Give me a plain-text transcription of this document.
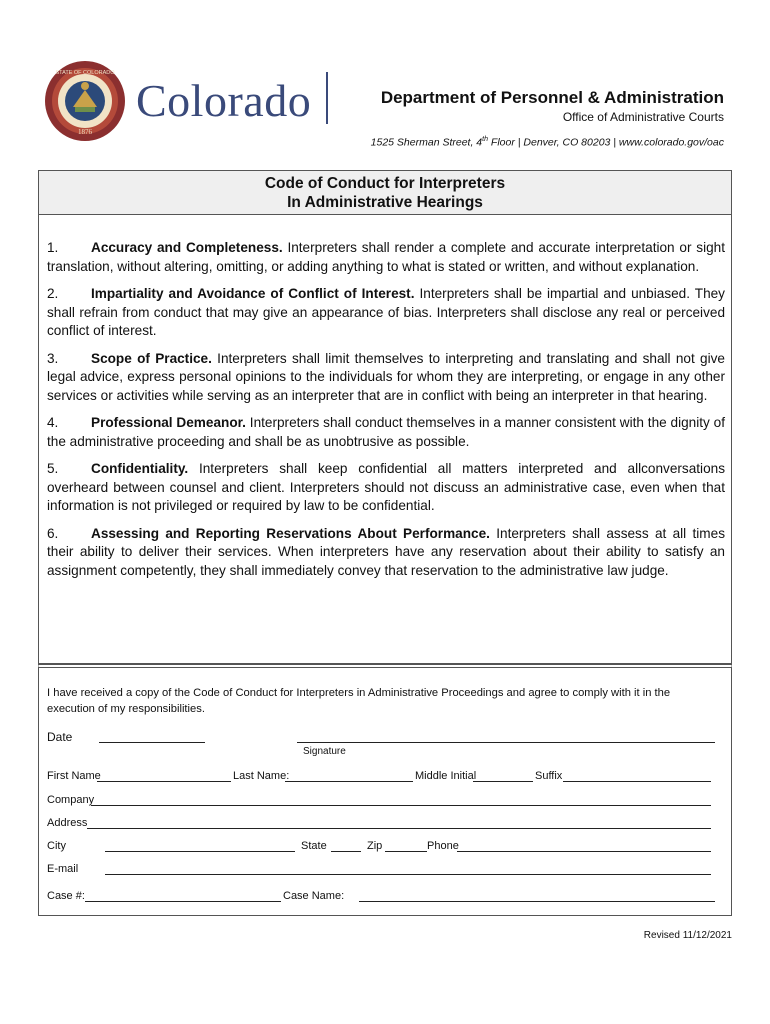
STATE OF COLORADO
1876
Colorado	Department of Personnel & Administration
Office of Administrative Courts
1525 Sherman Street, 4th Floor | Denver, CO 80203 | www.colorado.gov/oac
Code of Conduct for Interpreters
In Administrative Hearings
1. Accuracy and Completeness. Interpreters shall render a complete and accurate interpretation or sight translation, without altering, omitting, or adding anything to what is stated or written, and without explanation.
2. Impartiality and Avoidance of Conflict of Interest. Interpreters shall be impartial and unbiased. They shall refrain from conduct that may give an appearance of bias. Interpreters shall disclose any real or perceived conflict of interest.
3. Scope of Practice. Interpreters shall limit themselves to interpreting and translating and shall not give legal advice, express personal opinions to the individuals for whom they are interpreting, or engage in any other services or activities while serving as an interpreter that are in conflict with being an interpreter in that hearing.
4. Professional Demeanor. Interpreters shall conduct themselves in a manner consistent with the dignity of the administrative proceeding and shall be as unobtrusive as possible.
5. Confidentiality. Interpreters shall keep confidential all matters interpreted and allconversations overheard between counsel and client. Interpreters should not discuss an administrative case, even when that information is not privileged or required by law to be confidential.
6. Assessing and Reporting Reservations About Performance. Interpreters shall assess at all times their ability to deliver their services. When interpreters have any reservation about their ability to satisfy an assignment competently, they shall immediately convey that reservation to the administrative law judge.
I have received a copy of the Code of Conduct for Interpreters in Administrative Proceedings and agree to comply with it in the execution of my responsibilities.
Date
Signature
First Name	Last Name:	Middle Initial	Suffix
Company
Address
City	State	Zip	Phone
E-mail
Case #:	Case Name:
Revised 11/12/2021
